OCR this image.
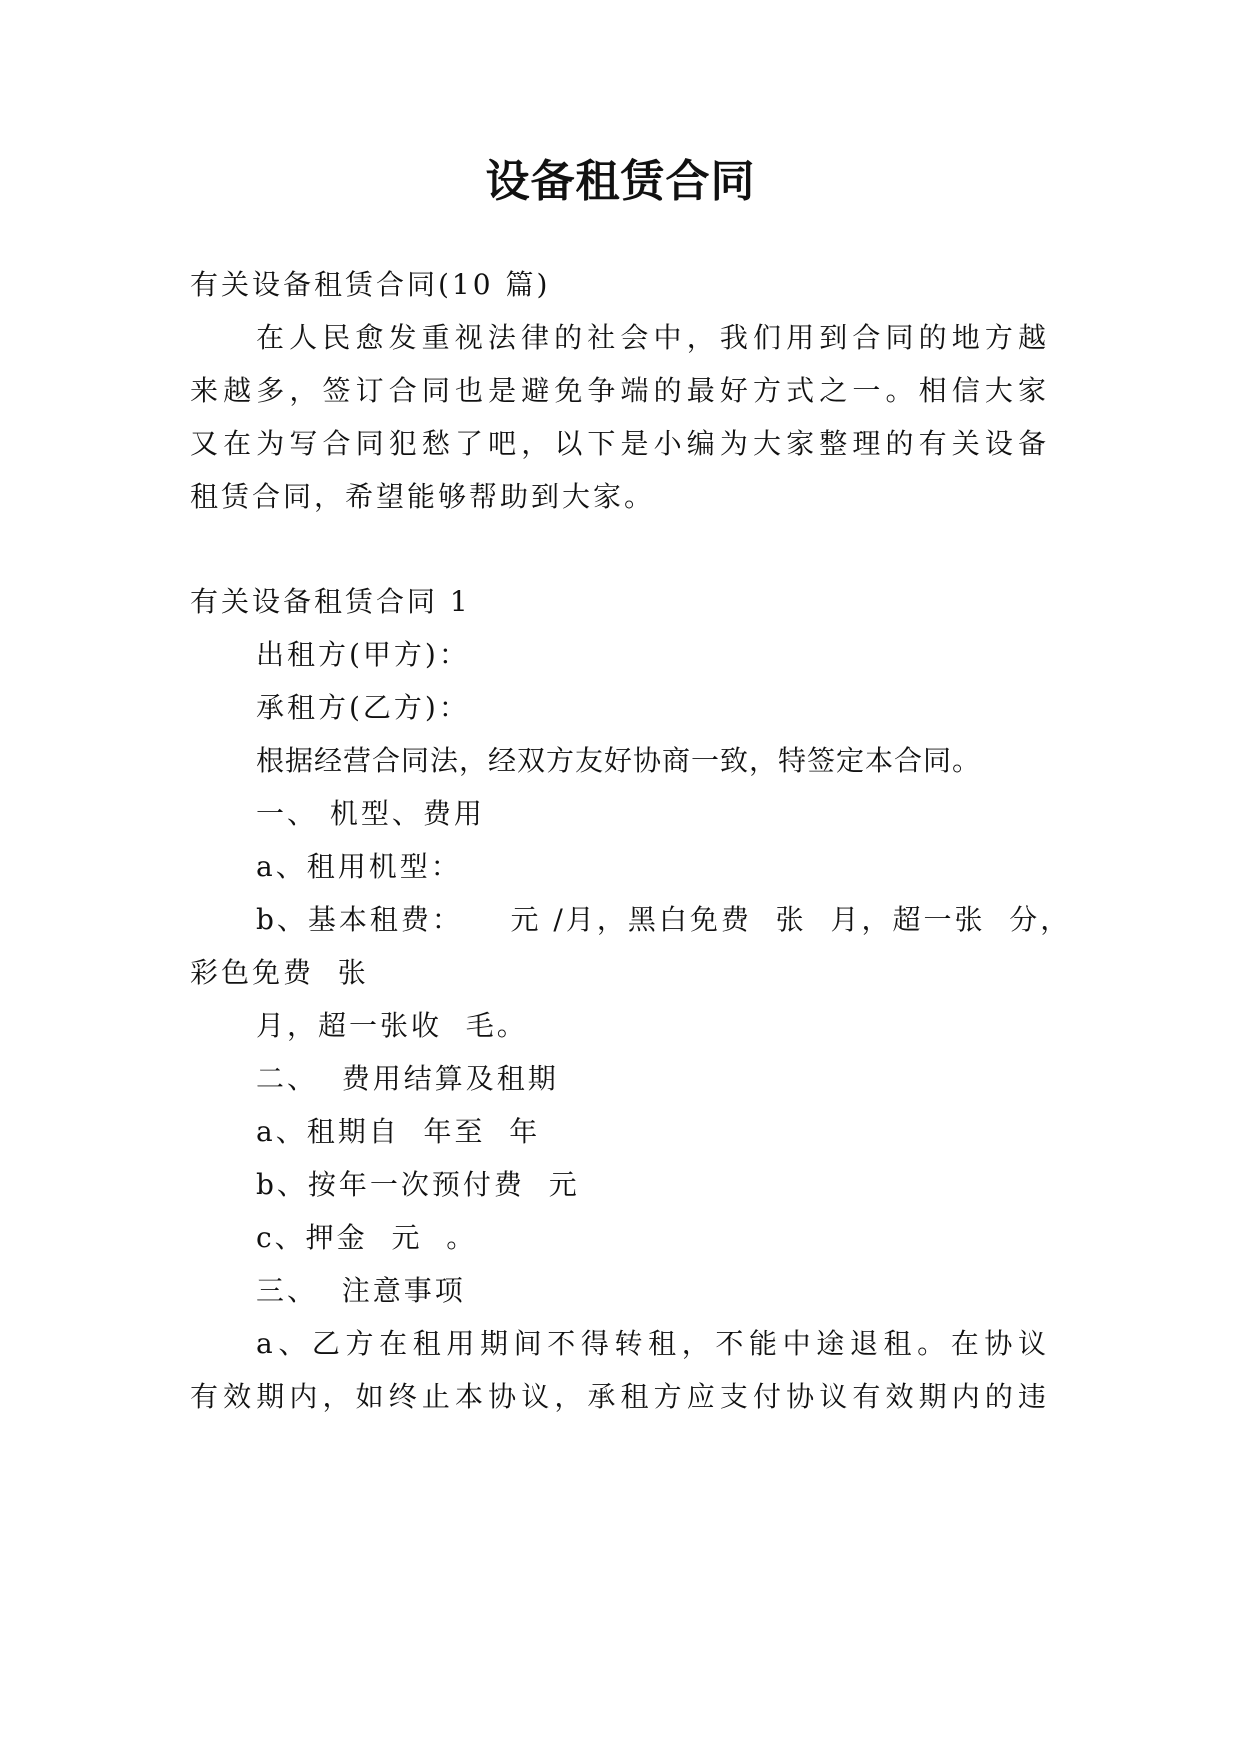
设备租赁合同

有关设备租赁合同(10 篇)

在人民愈发重视法律的社会中，我们用到合同的地方越

来越多，签订合同也是避免争端的最好方式之一。相信大家

又在为写合同犯愁了吧，以下是小编为大家整理的有关设备

租赁合同，希望能够帮助到大家。

有关设备租赁合同 1

出租方(甲方)：

承租方(乙方)：

根据经营合同法，经双方友好协商一致，特签定本合同。

一、 机型、费用

a、租用机型：

b、基本租费：    元 /月，黑白免费  张  月，超一张  分，

彩色免费  张

月，超一张收  毛。

二、  费用结算及租期

a、租期自  年至  年

b、按年一次预付费  元

c、押金  元  。

三、  注意事项

a、乙方在租用期间不得转租，不能中途退租。在协议

有效期内，如终止本协议，承租方应支付协议有效期内的违
